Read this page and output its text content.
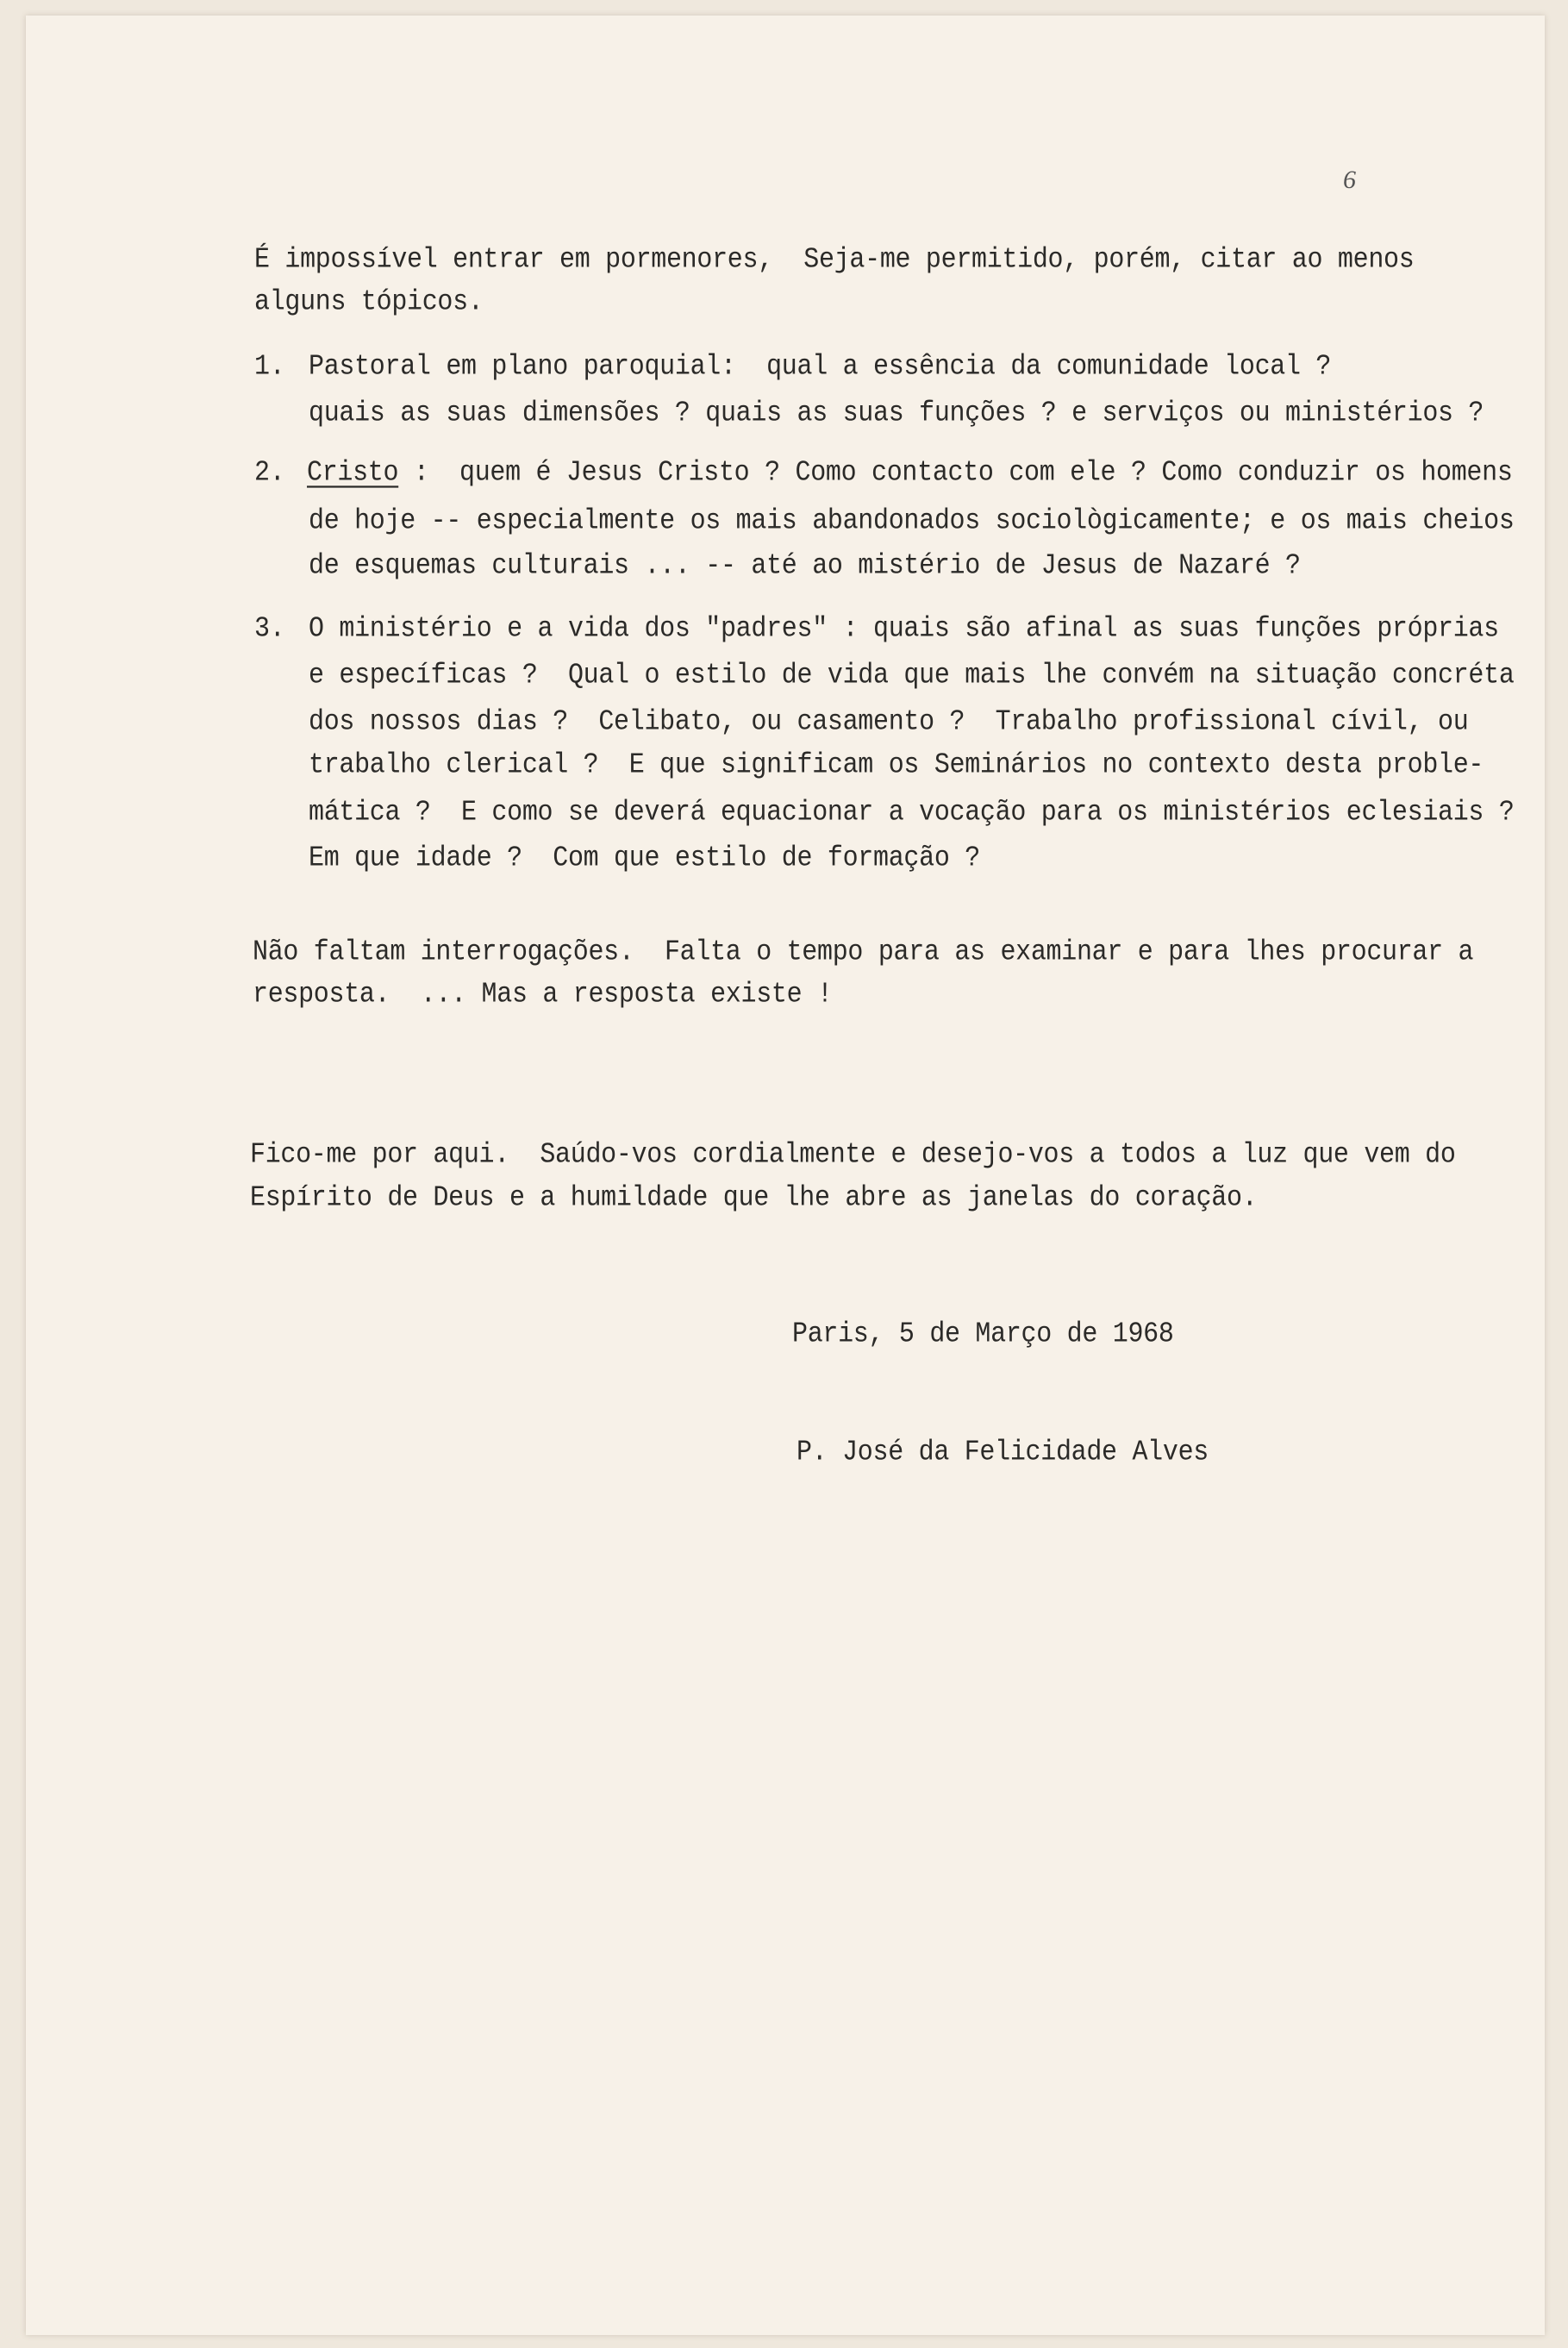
6
É impossível entrar em pormenores,  Seja-me permitido, porém, citar ao menos
alguns tópicos.
1. Pastoral em plano paroquial:  qual a essência da comunidade local ?
quais as suas dimensões ? quais as suas funções ? e serviços ou ministérios ?
2. Cristo :  quem é Jesus Cristo ? Como contacto com ele ? Como conduzir os homens
de hoje -- especialmente os mais abandonados sociològicamente; e os mais cheios
de esquemas culturais ... -- até ao mistério de Jesus de Nazaré ?
3. O ministério e a vida dos "padres" : quais são afinal as suas funções próprias
e específicas ?  Qual o estilo de vida que mais lhe convém na situação concréta
dos nossos dias ?  Celibato, ou casamento ?  Trabalho profissional cívil, ou
trabalho clerical ?  E que significam os Seminários no contexto desta proble-
mática ?  E como se deverá equacionar a vocação para os ministérios eclesiais ?
Em que idade ?  Com que estilo de formação ?
Não faltam interrogações.  Falta o tempo para as examinar e para lhes procurar a
resposta.  ... Mas a resposta existe !
Fico-me por aqui.  Saúdo-vos cordialmente e desejo-vos a todos a luz que vem do
Espírito de Deus e a humildade que lhe abre as janelas do coração.
Paris, 5 de Março de 1968
P. José da Felicidade Alves
